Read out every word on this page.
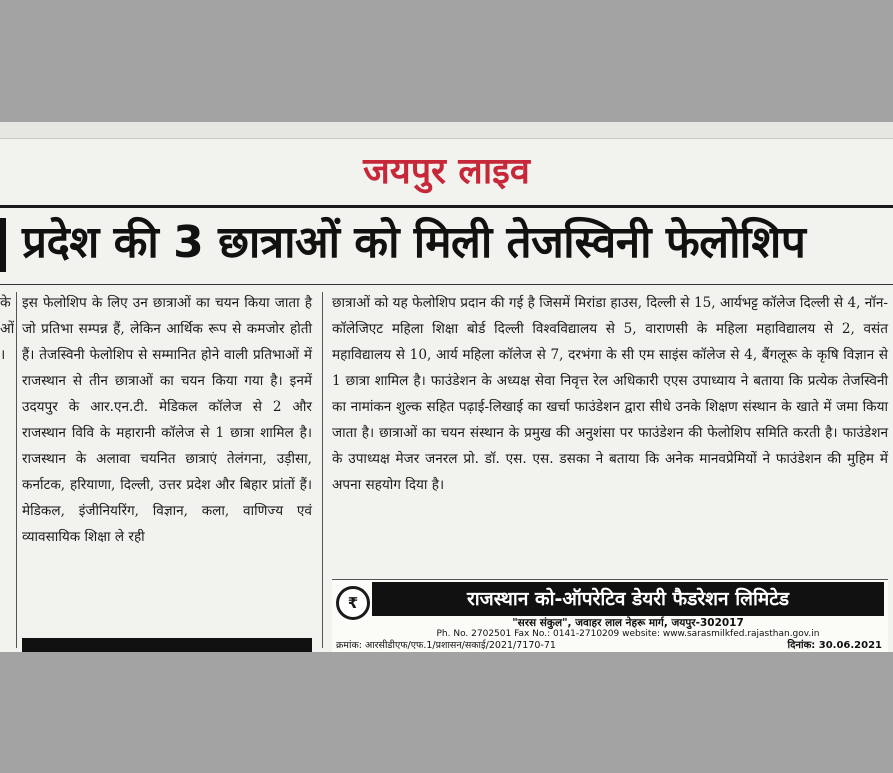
जयपुर लाइव
प्रदेश की 3 छात्राओं को मिली तेजस्विनी फेलोशिप
के
ओं
।

इस फेलोशिप के लिए उन छात्राओं का चयन किया जाता है जो प्रतिभा सम्पन्न हैं, लेकिन आर्थिक रूप से कमजोर होती हैं। तेजस्विनी फेलोशिप से सम्मानित होने वाली प्रतिभाओं में राजस्थान से तीन छात्राओं का चयन किया गया है। इनमें उदयपुर के आर.एन.टी. मेडिकल कॉलेज से 2 और राजस्थान विवि के महारानी कॉलेज से 1 छात्रा शामिल है। राजस्थान के अलावा चयनित छात्राएं तेलंगना, उड़ीसा, कर्नाटक, हरियाणा, दिल्ली, उत्तर प्रदेश और बिहार प्रांतों हैं। मेडिकल, इंजीनियरिंग, विज्ञान, कला, वाणिज्य एवं व्यावसायिक शिक्षा ले रही

छात्राओं को यह फेलोशिप प्रदान की गई है जिसमें मिरांडा हाउस, दिल्ली से 15, आर्यभट्ट कॉलेज दिल्ली से 4, नॉन-कॉलेजिएट महिला शिक्षा बोर्ड दिल्ली विश्वविद्यालय से 5, वाराणसी के महिला महाविद्यालय से 2, वसंत महाविद्यालय से 10, आर्य महिला कॉलेज से 7, दरभंगा के सी एम साइंस कॉलेज से 4, बैंगलूरू के कृषि विज्ञान से 1 छात्रा शामिल है। फाउंडेशन के अध्यक्ष सेवा निवृत्त रेल अधिकारी एएस उपाध्याय ने बताया कि प्रत्येक तेजस्विनी का नामांकन शुल्क सहित पढ़ाई-लिखाई का खर्चा फाउंडेशन द्वारा सीधे उनके शिक्षण संस्थान के खाते में जमा किया जाता है। छात्राओं का चयन संस्थान के प्रमुख की अनुशंसा पर फाउंडेशन की फेलोशिप समिति करती है। फाउंडेशन के उपाध्यक्ष मेजर जनरल प्रो. डॉ. एस. एस. डसका ने बताया कि अनेक मानवप्रेमियों ने फाउंडेशन की मुहिम में अपना सहयोग दिया है।

₹	राजस्थान को-ऑपरेटिव डेयरी फैडरेशन लिमिटेड
"सरस संकुल", जवाहर लाल नेहरू मार्ग, जयपुर-302017
Ph. No. 2702501 Fax No.: 0141-2710209 website: www.sarasmilkfed.rajasthan.gov.in
क्रमांक: आरसीडीएफ/एफ.1/प्रशासन/सकाई/2021/7170-71	दिनांक: 30.06.2021
